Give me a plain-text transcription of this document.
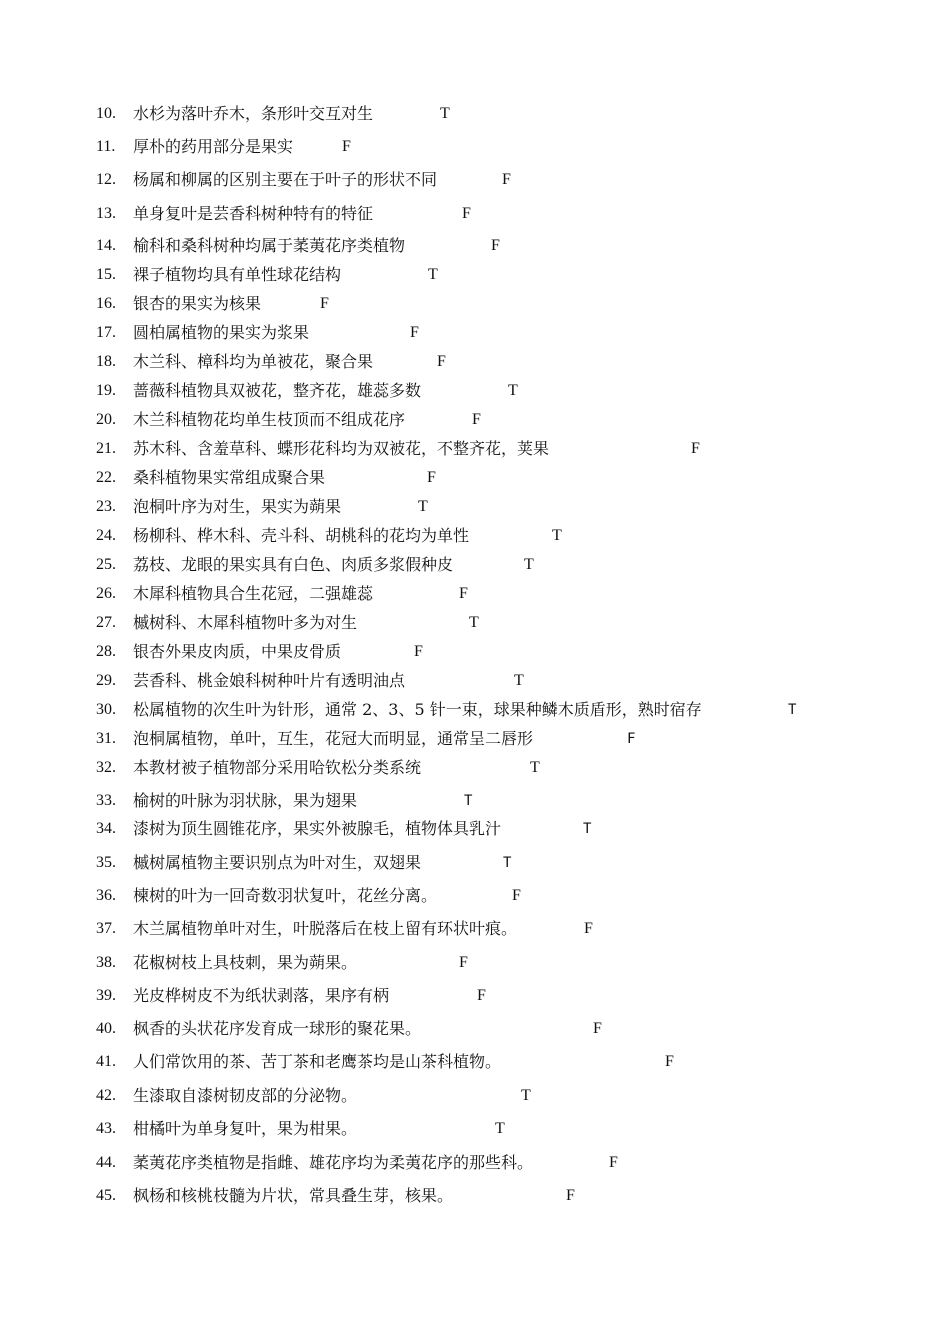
10. 水杉为落叶乔木，条形叶交互对生	T
11. 厚朴的药用部分是果实	F
12. 杨属和柳属的区别主要在于叶子的形状不同	F
13. 单身复叶是芸香科树种特有的特征	F
14. 榆科和桑科树种均属于葇荑花序类植物	F
15. 裸子植物均具有单性球花结构	T
16. 银杏的果实为核果	F
17. 圆柏属植物的果实为浆果	F
18. 木兰科、樟科均为单被花，聚合果	F
19. 蔷薇科植物具双被花，整齐花，雄蕊多数	T
20. 木兰科植物花均单生枝顶而不组成花序	F
21. 苏木科、含羞草科、蝶形花科均为双被花，不整齐花，荚果	F
22. 桑科植物果实常组成聚合果	F
23. 泡桐叶序为对生，果实为蒴果	T
24. 杨柳科、桦木科、壳斗科、胡桃科的花均为单性	T
25. 荔枝、龙眼的果实具有白色、肉质多浆假种皮	T
26. 木犀科植物具合生花冠，二强雄蕊	F
27. 槭树科、木犀科植物叶多为对生	T
28. 银杏外果皮肉质，中果皮骨质	F
29. 芸香科、桃金娘科树种叶片有透明油点	T
30. 松属植物的次生叶为针形，通常 2、3、5 针一束，球果种鳞木质盾形，熟时宿存	T
31. 泡桐属植物，单叶，互生，花冠大而明显，通常呈二唇形	F
32. 本教材被子植物部分采用哈钦松分类系统	T
33. 榆树的叶脉为羽状脉，果为翅果	T
34. 漆树为顶生圆锥花序，果实外被腺毛，植物体具乳汁	T
35. 槭树属植物主要识别点为叶对生，双翅果	T
36. 楝树的叶为一回奇数羽状复叶，花丝分离。	F
37. 木兰属植物单叶对生，叶脱落后在枝上留有环状叶痕。	F
38. 花椒树枝上具枝刺，果为蒴果。	F
39. 光皮桦树皮不为纸状剥落，果序有柄	F
40. 枫香的头状花序发育成一球形的聚花果。	F
41. 人们常饮用的茶、苦丁茶和老鹰茶均是山茶科植物。	F
42. 生漆取自漆树韧皮部的分泌物。	T
43. 柑橘叶为单身复叶，果为柑果。	T
44. 葇荑花序类植物是指雌、雄花序均为柔荑花序的那些科。	F
45. 枫杨和核桃枝髓为片状，常具叠生芽，核果。	F
